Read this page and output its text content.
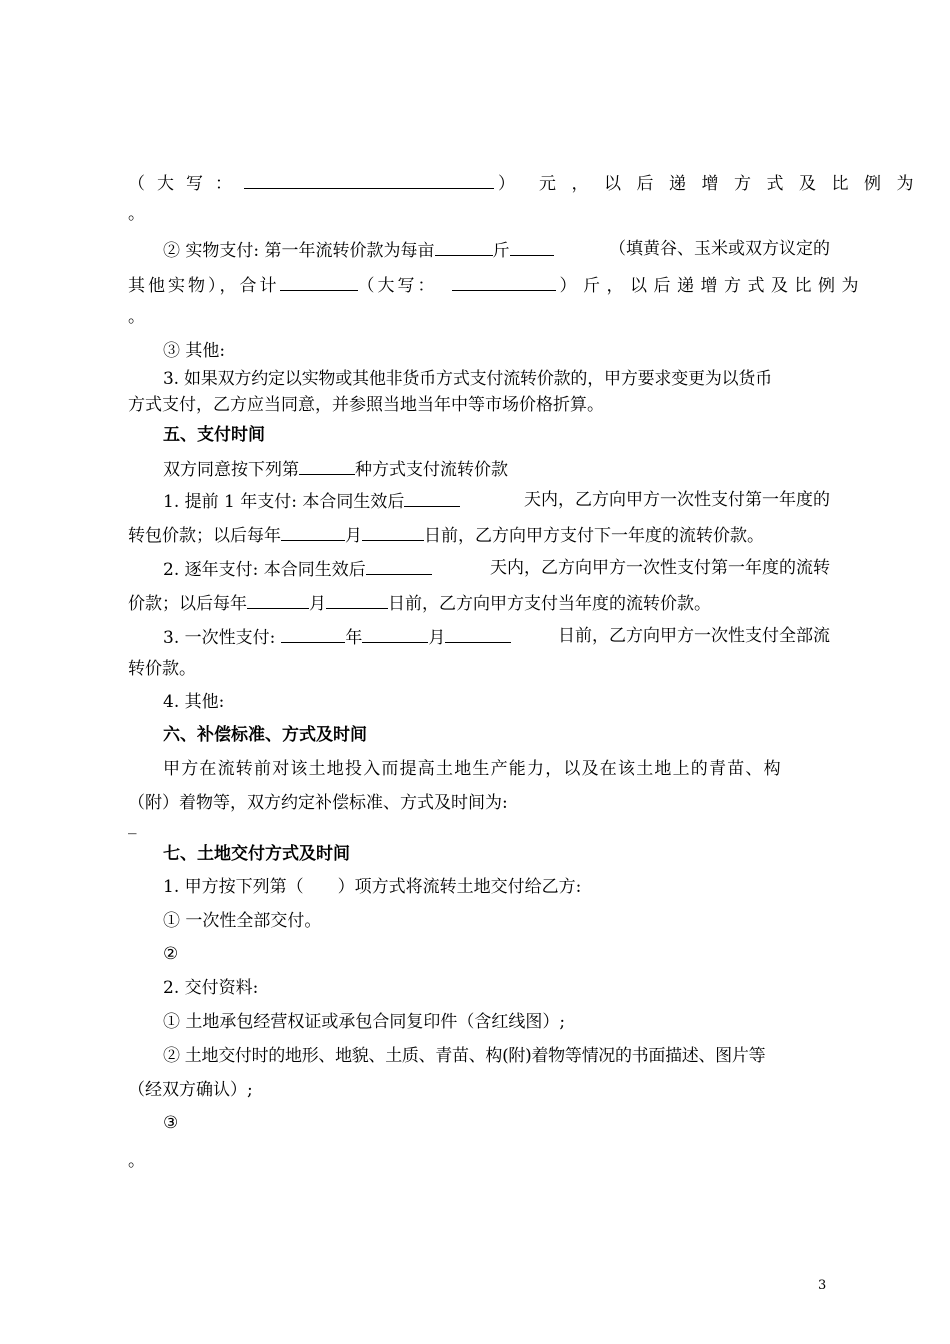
（大写：	） 元，以后递增方式及比例为
。
② 实物支付: 第一年流转价款为每亩	斤	（填黄谷、玉米或双方议定的
其他实物），合计	（大写：	）斤，以后递增方式及比例为
。
③ 其他:
3. 如果双方约定以实物或其他非货币方式支付流转价款的，甲方要求变更为以货币
方式支付，乙方应当同意，并参照当地当年中等市场价格折算。
五、支付时间
双方同意按下列第	种方式支付流转价款
1. 提前 1 年支付: 本合同生效后	天内，乙方向甲方一次性支付第一年度的
转包价款；以后每年	月	日前，乙方向甲方支付下一年度的流转价款。
2. 逐年支付: 本合同生效后	天内，乙方向甲方一次性支付第一年度的流转
价款；以后每年	月	日前，乙方向甲方支付当年度的流转价款。
3. 一次性支付:	年	月	日前，乙方向甲方一次性支付全部流
转价款。
4. 其他:
六、补偿标准、方式及时间
甲方在流转前对该土地投入而提高土地生产能力，以及在该土地上的青苗、构
（附）着物等，双方约定补偿标准、方式及时间为:
_
七、土地交付方式及时间
1. 甲方按下列第（　　）项方式将流转土地交付给乙方:
① 一次性全部交付。
②
2. 交付资料:
① 土地承包经营权证或承包合同复印件（含红线图）;
② 土地交付时的地形、地貌、土质、青苗、构(附)着物等情况的书面描述、图片等
（经双方确认）;
③
。
3
